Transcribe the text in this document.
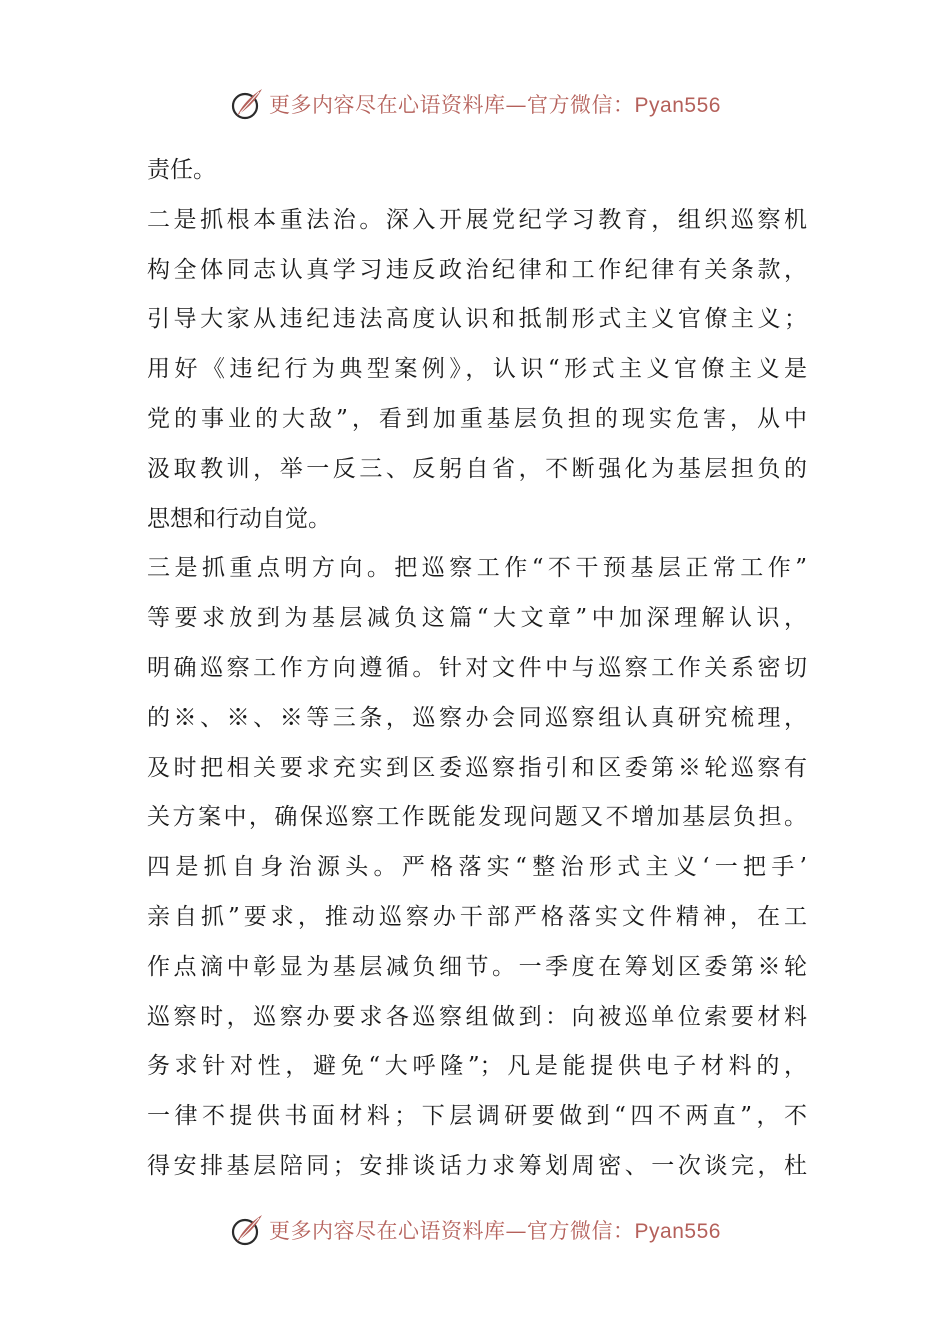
更多内容尽在心语资料库—官方微信：Pyan556
责任。
二是抓根本重法治。深入开展党纪学习教育，组织巡察机
构全体同志认真学习违反政治纪律和工作纪律有关条款，
引导大家从违纪违法高度认识和抵制形式主义官僚主义；
用好《违纪行为典型案例》，认识“形式主义官僚主义是
党的事业的大敌”，看到加重基层负担的现实危害，从中
汲取教训，举一反三、反躬自省，不断强化为基层担负的
思想和行动自觉。
三是抓重点明方向。把巡察工作“不干预基层正常工作”
等要求放到为基层减负这篇“大文章”中加深理解认识，
明确巡察工作方向遵循。针对文件中与巡察工作关系密切
的※、※、※等三条，巡察办会同巡察组认真研究梳理，
及时把相关要求充实到区委巡察指引和区委第※轮巡察有
关方案中，确保巡察工作既能发现问题又不增加基层负担。
四是抓自身治源头。严格落实“整治形式主义‘一把手’
亲自抓”要求，推动巡察办干部严格落实文件精神，在工
作点滴中彰显为基层减负细节。一季度在筹划区委第※轮
巡察时，巡察办要求各巡察组做到：向被巡单位索要材料
务求针对性，避免“大呼隆”；凡是能提供电子材料的，
一律不提供书面材料；下层调研要做到“四不两直”，不
得安排基层陪同；安排谈话力求筹划周密、一次谈完，杜
更多内容尽在心语资料库—官方微信：Pyan556
